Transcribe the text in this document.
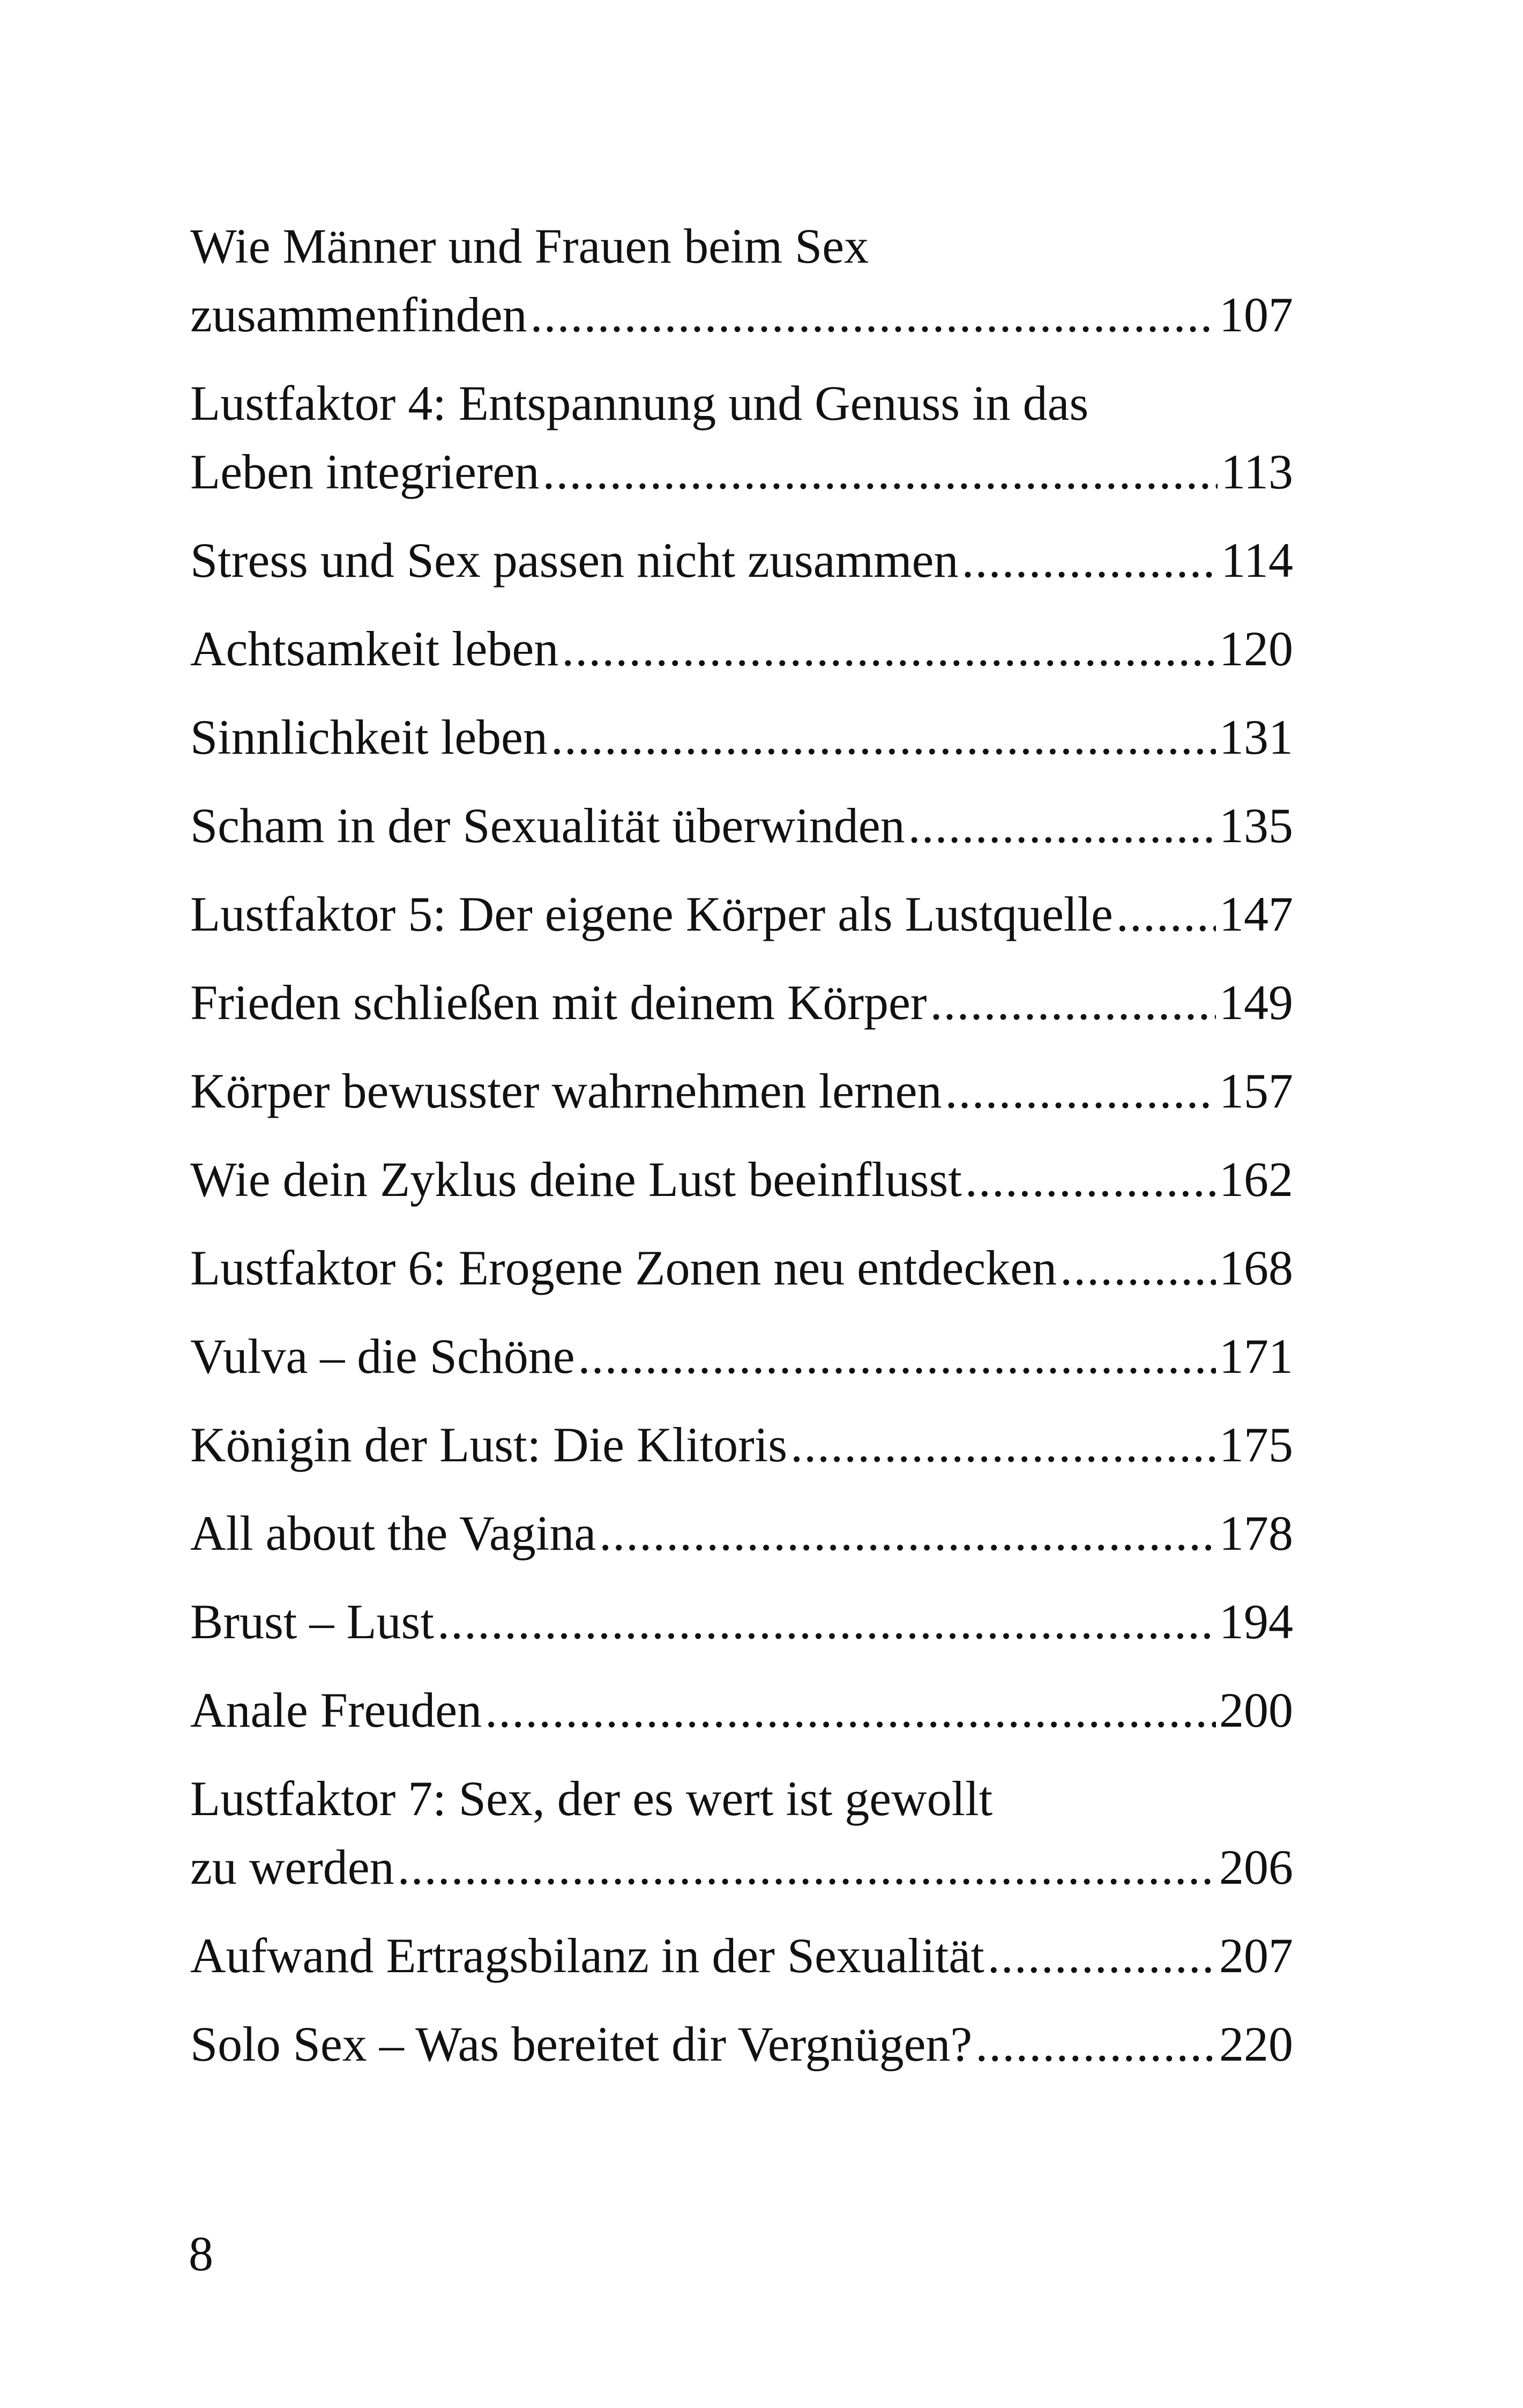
Wie Männer und Frauen beim Sex
zusammenfinden .....	107
Lustfaktor 4: Entspannung und Genuss in das
Leben integrieren .....	113
Stress und Sex passen nicht zusammen .....	114
Achtsamkeit leben .....	120
Sinnlichkeit leben .....	131
Scham in der Sexualität überwinden .....	135
Lustfaktor 5: Der eigene Körper als Lustquelle ..... 147
Frieden schließen mit deinem Körper .....	149
Körper bewusster wahrnehmen lernen .....	157
Wie dein Zyklus deine Lust beeinflusst .....	162
Lustfaktor 6: Erogene Zonen neu entdecken .....	168
Vulva – die Schöne .....	171
Königin der Lust: Die Klitoris .....	175
All about the Vagina .....	178
Brust – Lust .....	194
Anale Freuden .....	200
Lustfaktor 7: Sex, der es wert ist gewollt
zu werden .....	206
Aufwand Ertragsbilanz in der Sexualität .....	207
Solo Sex – Was bereitet dir Vergnügen? .....	220
8
